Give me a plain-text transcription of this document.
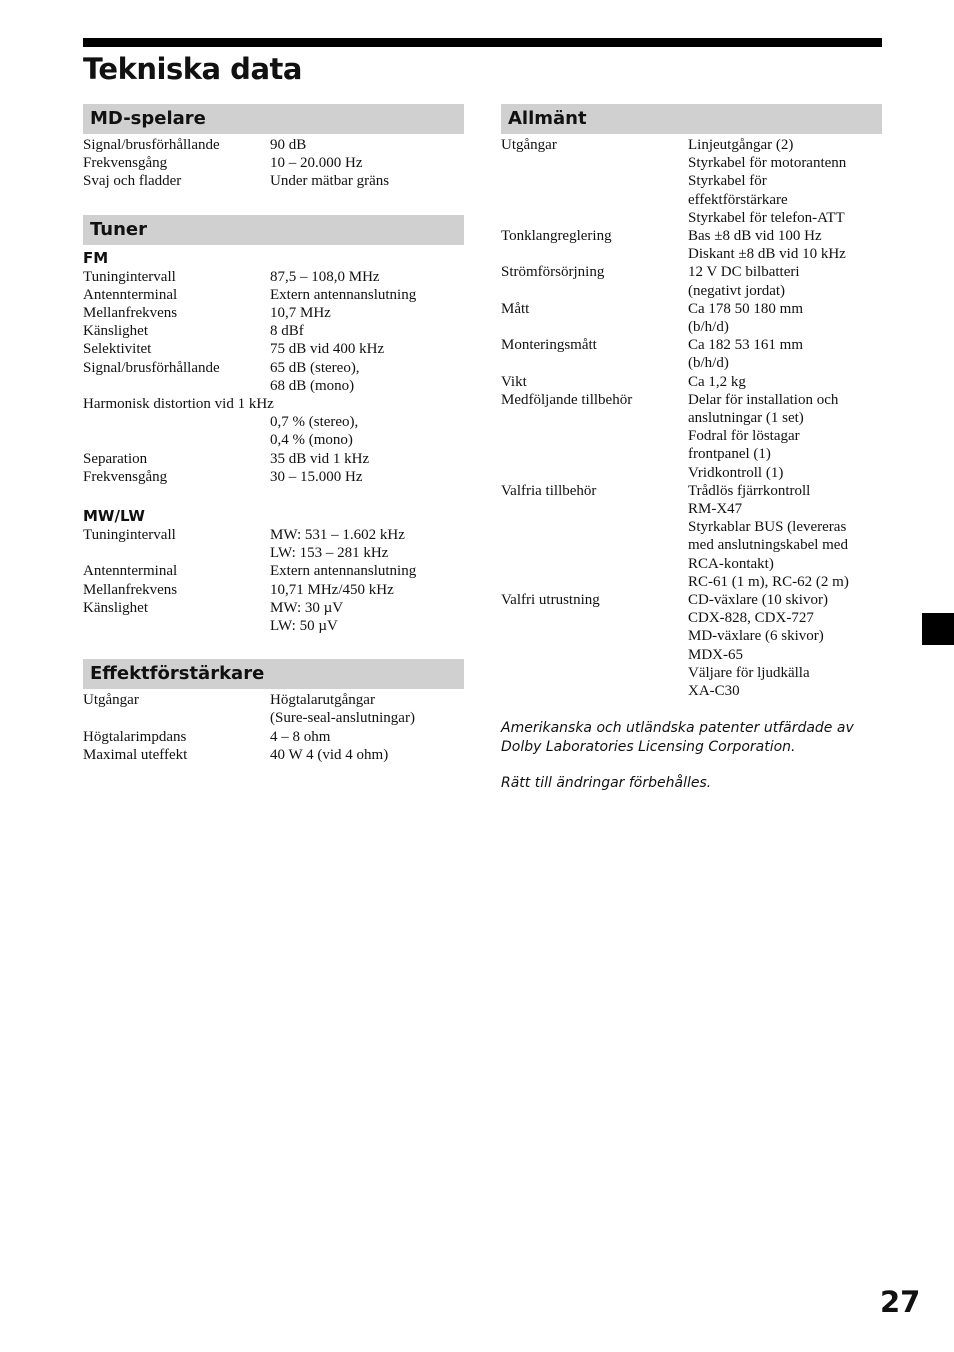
Tekniska data
MD-spelare
Signal/brusförhållande	90 dB
Frekvensgång	10 – 20.000 Hz
Svaj och fladder	Under mätbar gräns
Tuner
FM
Tuningintervall	87,5 – 108,0 MHz
Antennterminal	Extern antennanslutning
Mellanfrekvens	10,7 MHz
Känslighet	8 dBf
Selektivitet	75 dB vid 400 kHz
Signal/brusförhållande	65 dB (stereo),
68 dB (mono)
Harmonisk distortion vid 1 kHz

0,7 % (stereo),
0,4 % (mono)
Separation	35 dB vid 1 kHz
Frekvensgång	30 – 15.000 Hz
MW/LW
Tuningintervall	MW: 531 – 1.602 kHz
LW: 153 – 281 kHz
Antennterminal	Extern antennanslutning
Mellanfrekvens	10,71 MHz/450 kHz
Känslighet	MW: 30 µV
LW: 50 µV
Effektförstärkare
Utgångar	Högtalarutgångar
(Sure-seal-anslutningar)
Högtalarimpdans	4 – 8 ohm
Maximal uteffekt	40 W 4 (vid 4 ohm)
Allmänt
Utgångar	Linjeutgångar (2)
Styrkabel för motorantenn
Styrkabel för
effektförstärkare
Styrkabel för telefon-ATT
Tonklangreglering	Bas ±8 dB vid 100 Hz
Diskant ±8 dB vid 10 kHz
Strömförsörjning	12 V DC bilbatteri
(negativt jordat)
Mått	Ca 178 50 180 mm
(b/h/d)
Monteringsmått	Ca 182 53 161 mm
(b/h/d)
Vikt	Ca 1,2 kg
Medföljande tillbehör	Delar för installation och
anslutningar (1 set)
Fodral för löstagar
frontpanel (1)
Vridkontroll (1)
Valfria tillbehör	Trådlös fjärrkontroll
RM-X47
Styrkablar BUS (levereras
med anslutningskabel med
RCA-kontakt)
RC-61 (1 m), RC-62 (2 m)
Valfri utrustning	CD-växlare (10 skivor)
CDX-828, CDX-727
MD-växlare (6 skivor)
MDX-65
Väljare för ljudkälla
XA-C30
Amerikanska och utländska patenter utfärdade av
Dolby Laboratories Licensing Corporation.
Rätt till ändringar förbehålles.
27
